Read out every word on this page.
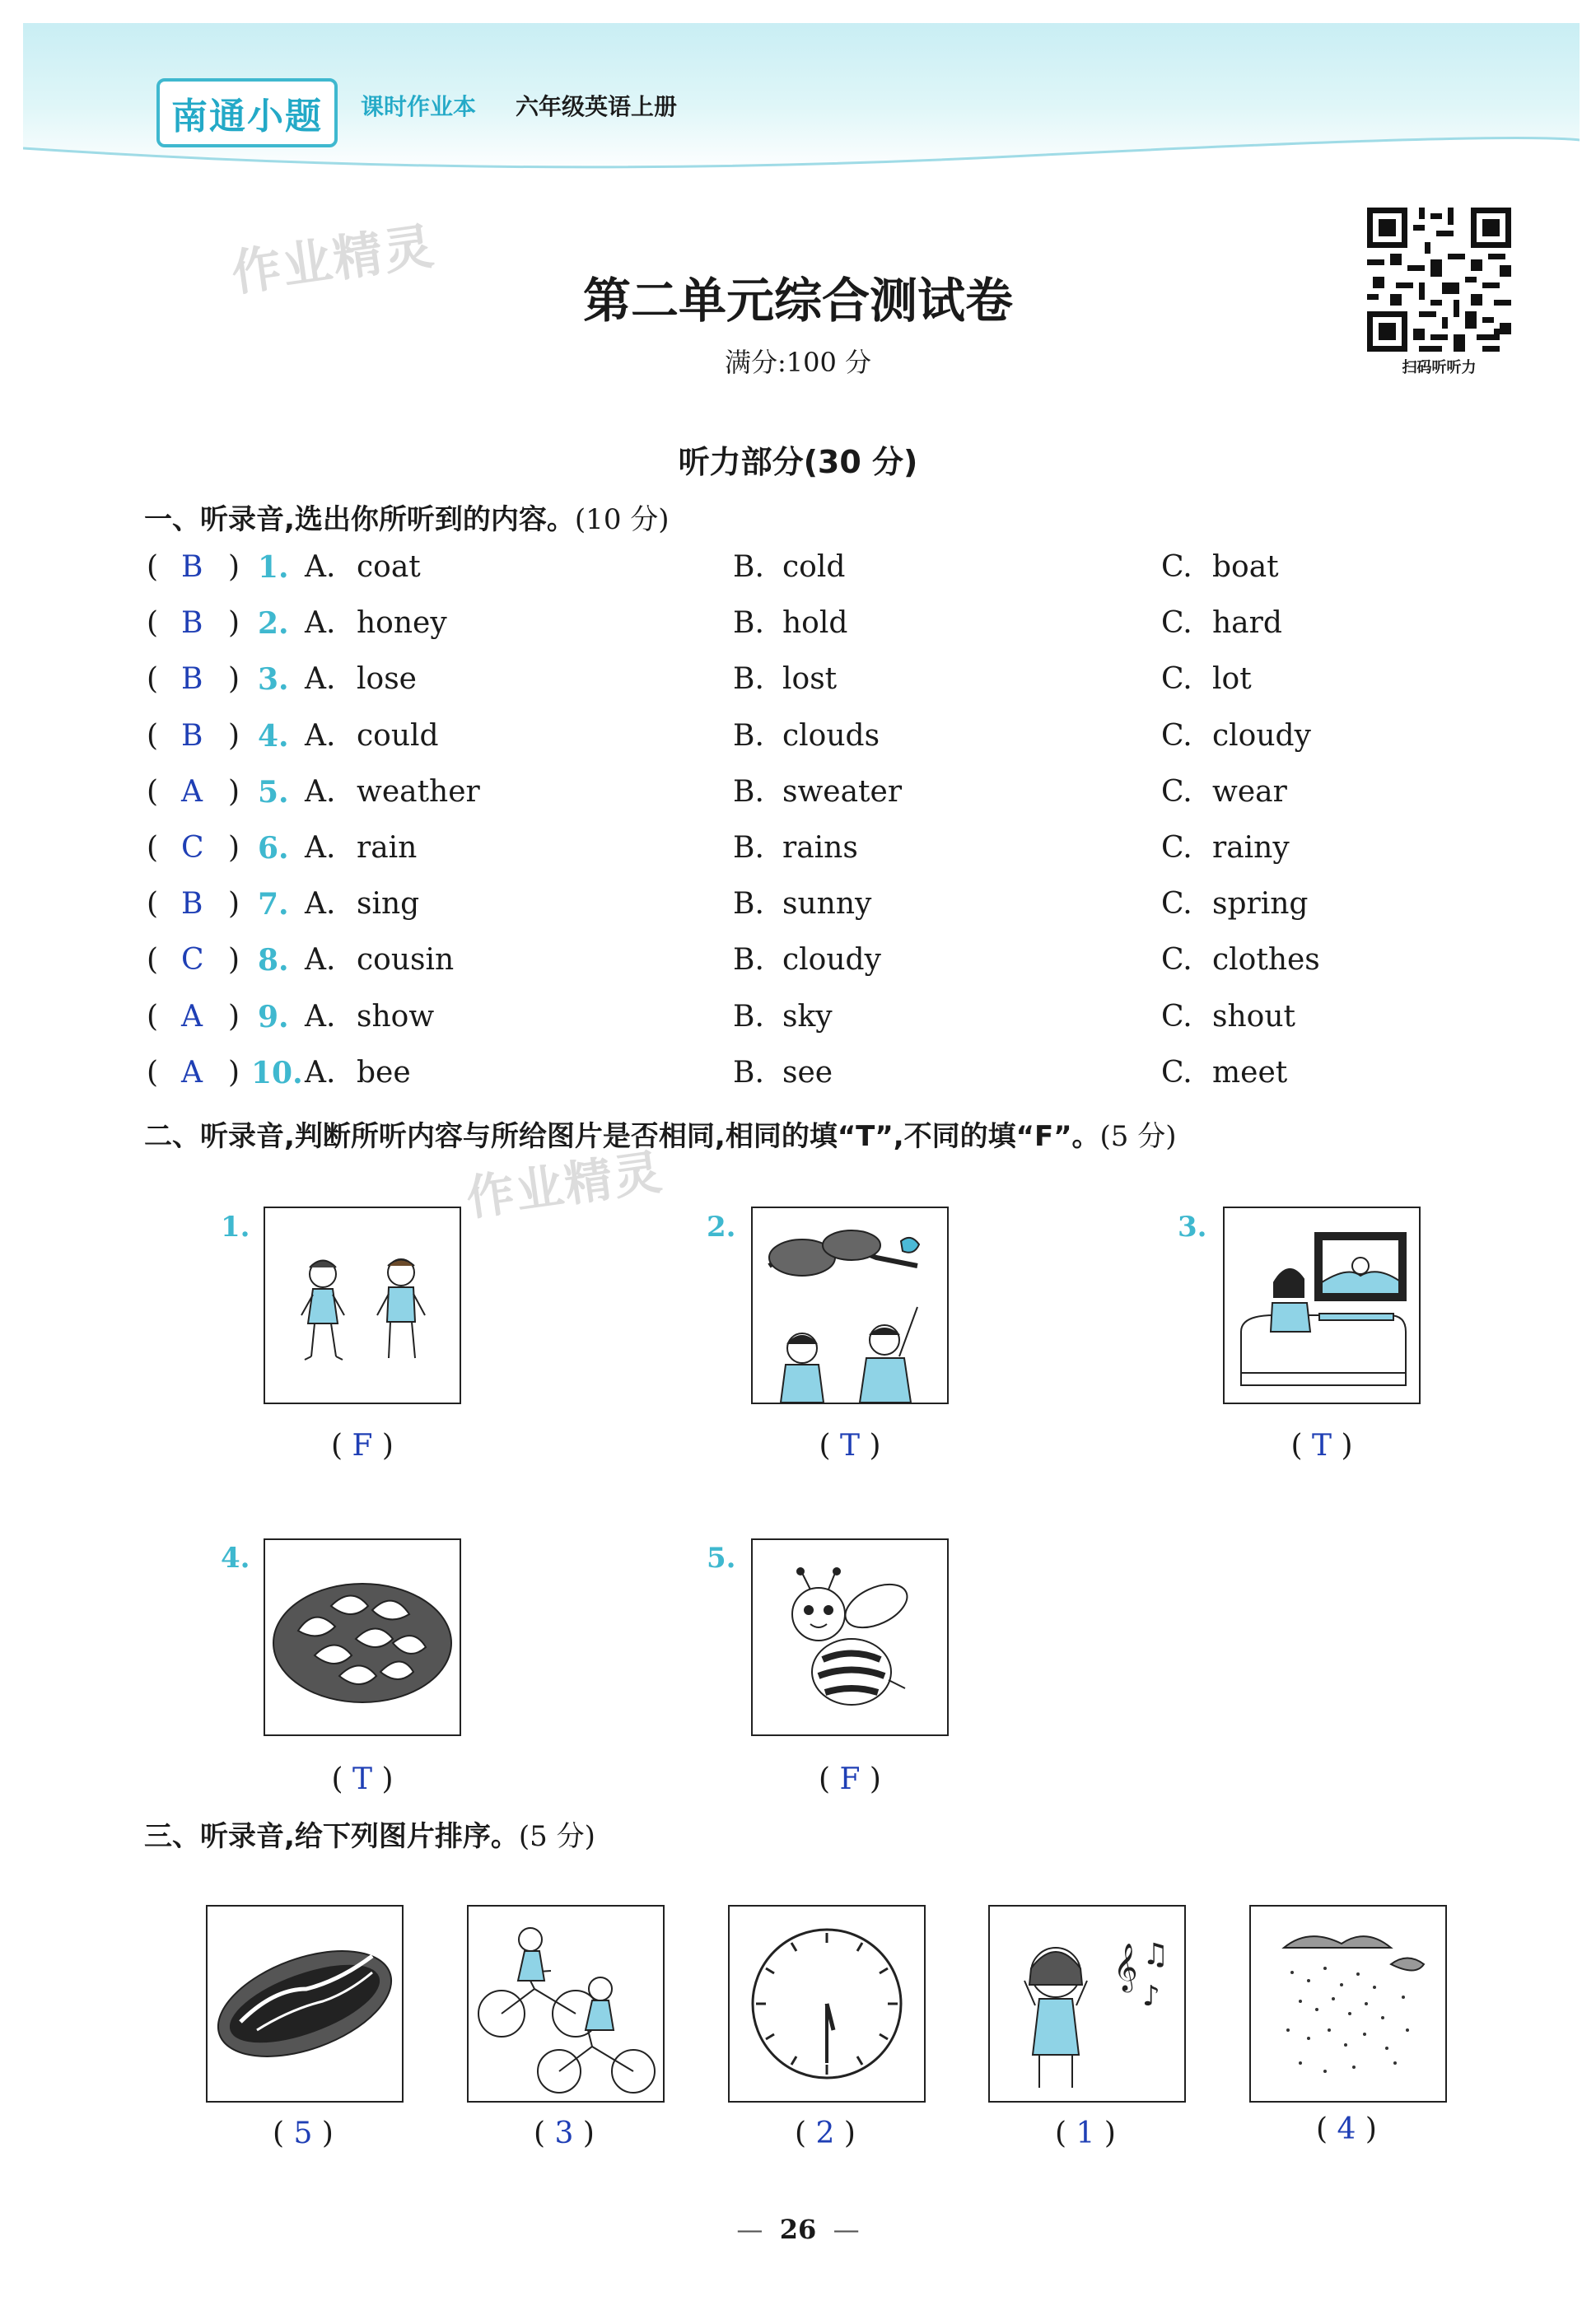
南通小题	课时作业本 六年级英语上册
作业精灵
作业精灵
第二单元综合测试卷
满分:100 分	扫码听听力
听力部分(30 分)
一、听录音,选出你所听到的内容。(10 分)
( B ) 1. A. coat	B. cold	C. boat
( B ) 2. A. honey	B. hold	C. hard
( B ) 3. A. lose	B. lost	C. lot
( B ) 4. A. could	B. clouds	C. cloudy
( A ) 5. A. weather	B. sweater	C. wear
( C ) 6. A. rain	B. rains	C. rainy
( B ) 7. A. sing	B. sunny	C. spring
( C ) 8. A. cousin	B. cloudy	C. clothes
( A ) 9. A. show	B. sky	C. shout
( A ) 10. A. bee	B. see	C. meet
二、听录音,判断所听内容与所给图片是否相同,相同的填“T”,不同的填“F”。(5 分)
1.
( F )
2.
( T )
3.
( T )
4.
( T )
5.
( F )
三、听录音,给下列图片排序。(5 分)
( 5 )	( 3 )	( 2 )
𝄞 ♫
♪
( 1 )	( 4 )
—  26  —
